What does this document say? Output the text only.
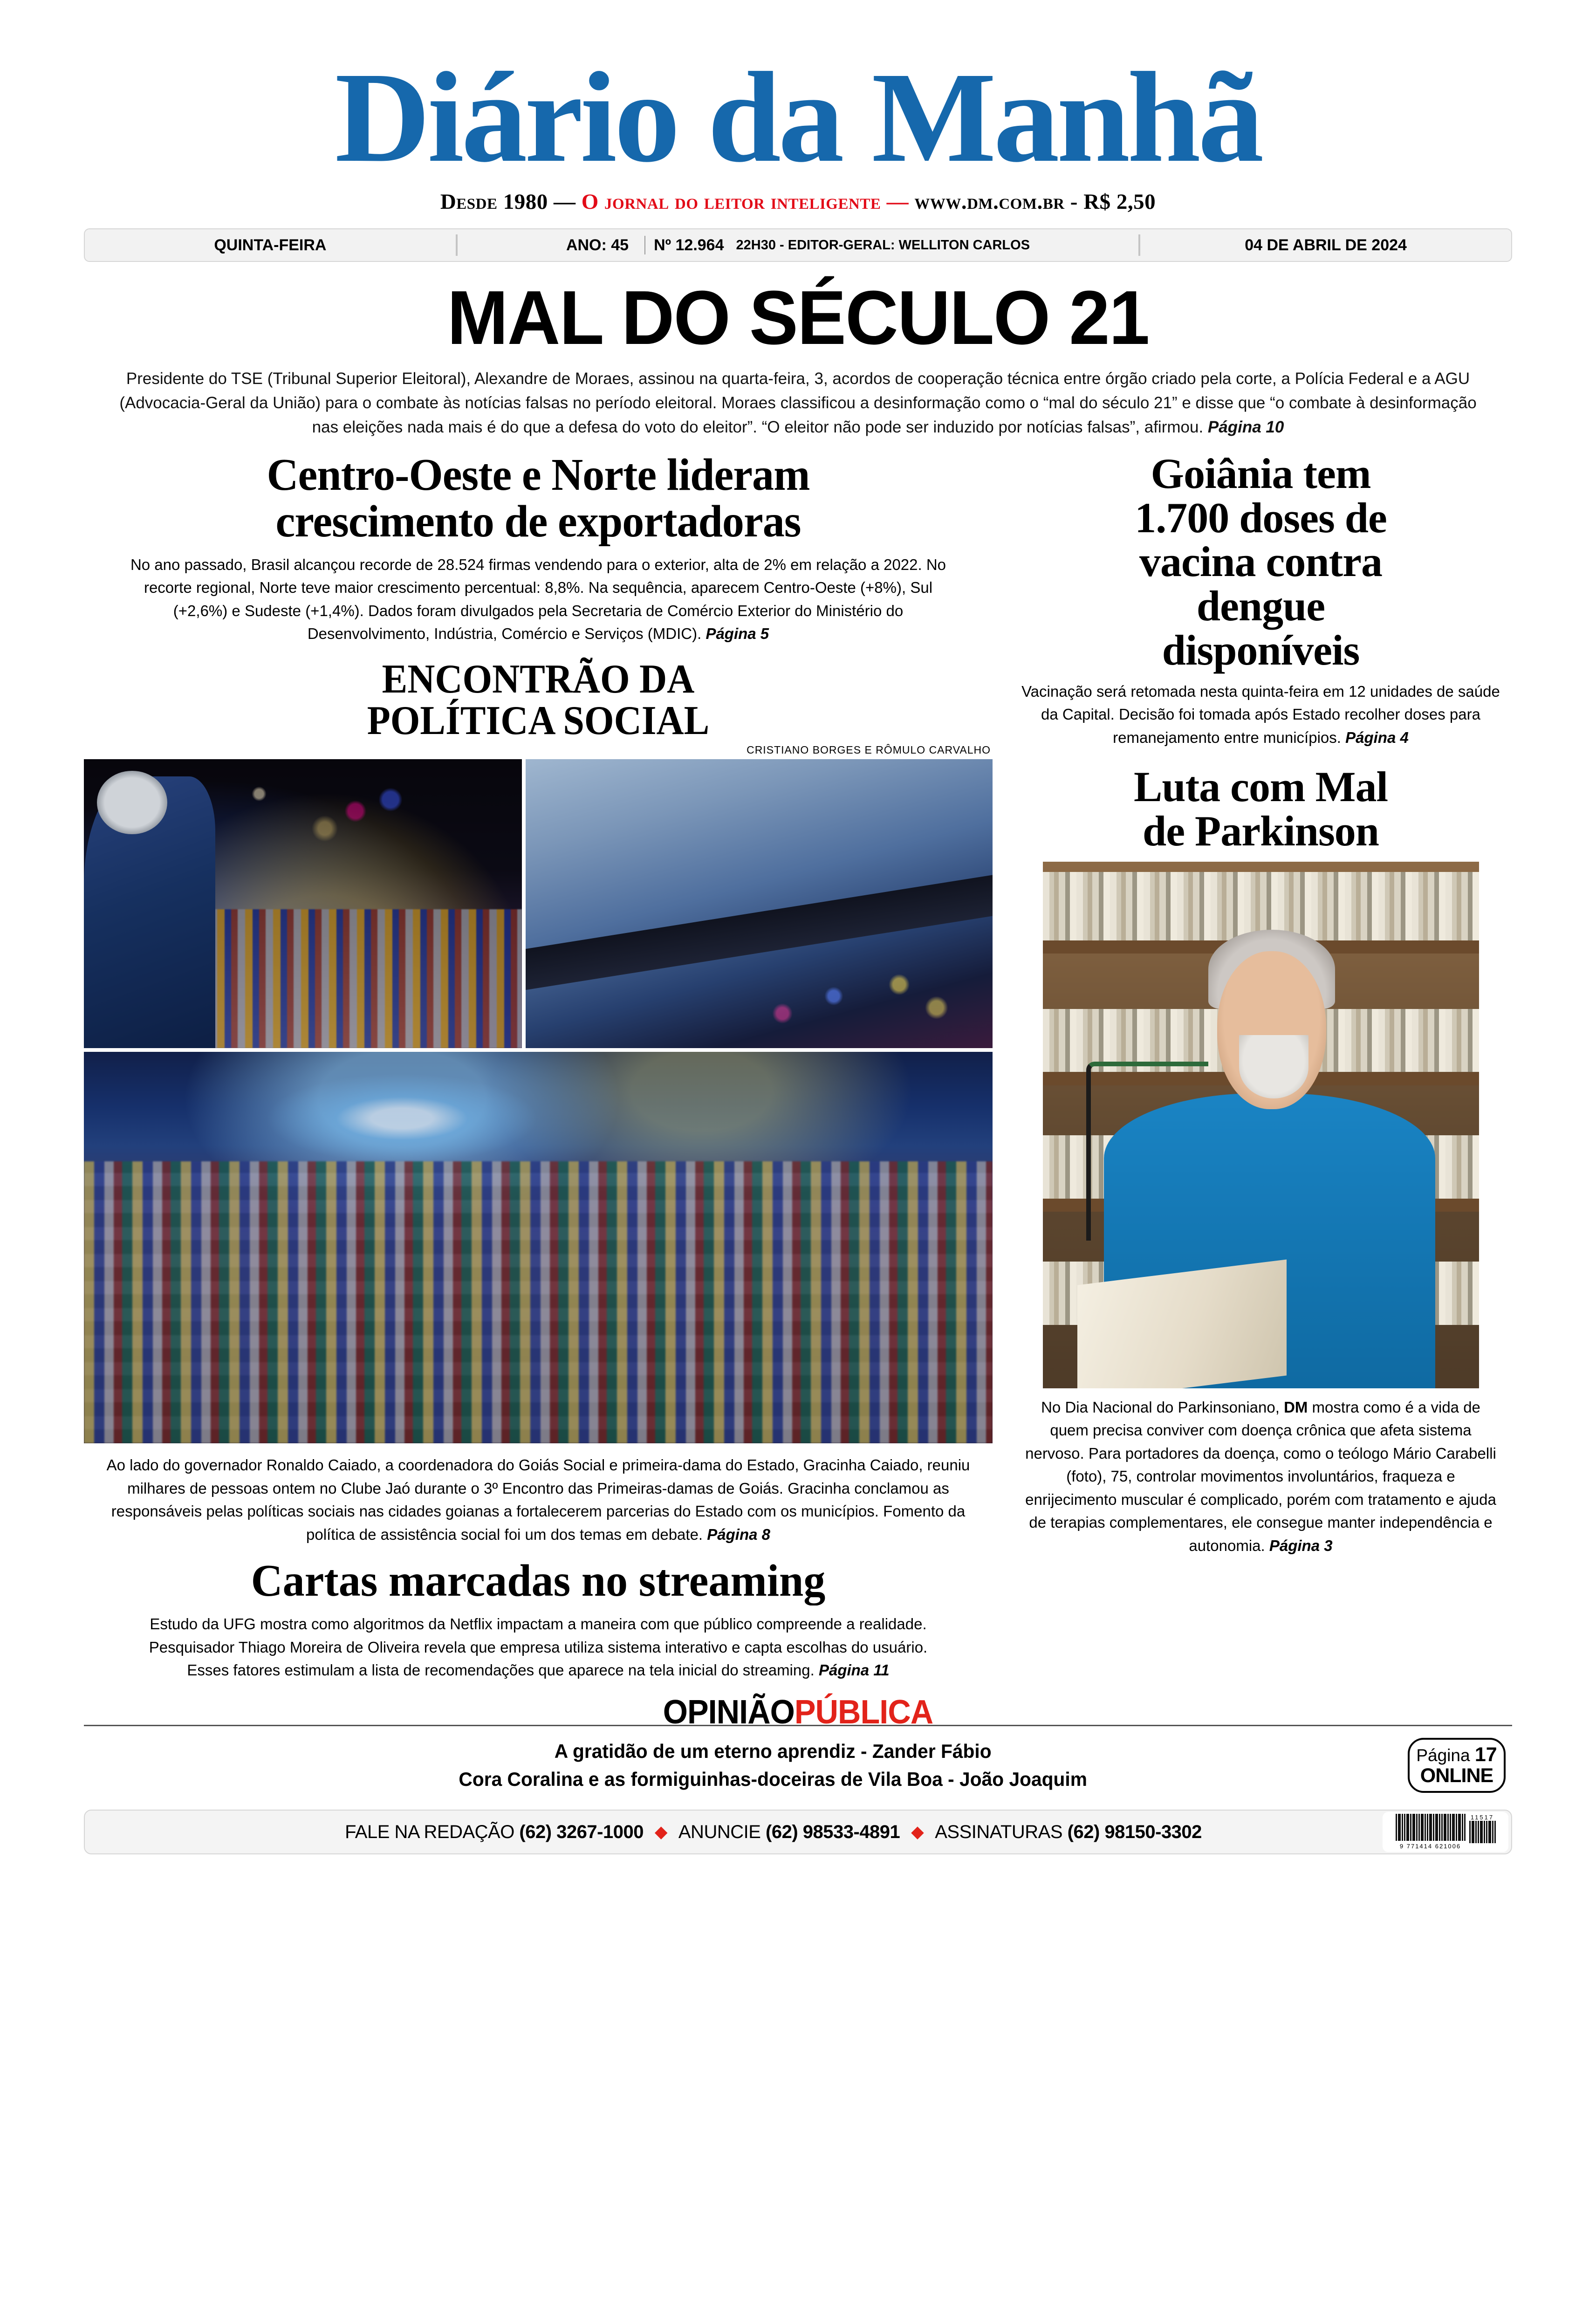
Diário da Manhã
Desde 1980 — O jornal do leitor inteligente — www.dm.com.br - R$ 2,50
QUINTA-FEIRA	ANO: 45 Nº 12.964 22H30 - EDITOR-GERAL: WELLITON CARLOS	04 DE ABRIL DE 2024
MAL DO SÉCULO 21
Presidente do TSE (Tribunal Superior Eleitoral), Alexandre de Moraes, assinou na quarta-feira, 3, acordos de cooperação técnica entre órgão criado pela corte, a Polícia Federal e a AGU (Advocacia-Geral da União) para o combate às notícias falsas no período eleitoral. Moraes classificou a desinformação como o “mal do século 21” e disse que “o combate à desinformação nas eleições nada mais é do que a defesa do voto do eleitor”. “O eleitor não pode ser induzido por notícias falsas”, afirmou. Página 10
Centro-Oeste e Norte lideram
crescimento de exportadoras
No ano passado, Brasil alcançou recorde de 28.524 firmas vendendo para o exterior, alta de 2% em relação a 2022. No recorte regional, Norte teve maior crescimento percentual: 8,8%. Na sequência, aparecem Centro-Oeste (+8%), Sul (+2,6%) e Sudeste (+1,4%). Dados foram divulgados pela Secretaria de Comércio Exterior do Ministério do Desenvolvimento, Indústria, Comércio e Serviços (MDIC). Página 5
ENCONTRÃO DA
POLÍTICA SOCIAL
CRISTIANO BORGES E RÔMULO CARVALHO
Ao lado do governador Ronaldo Caiado, a coordenadora do Goiás Social e primeira-dama do Estado, Gracinha Caiado, reuniu milhares de pessoas ontem no Clube Jaó durante o 3º Encontro das Primeiras-damas de Goiás. Gracinha conclamou as responsáveis pelas políticas sociais nas cidades goianas a fortalecerem parcerias do Estado com os municípios. Fomento da política de assistência social foi um dos temas em debate. Página 8
Cartas marcadas no streaming
Estudo da UFG mostra como algoritmos da Netflix impactam a maneira com que público compreende a realidade. Pesquisador Thiago Moreira de Oliveira revela que empresa utiliza sistema interativo e capta escolhas do usuário. Esses fatores estimulam a lista de recomendações que aparece na tela inicial do streaming. Página 11
Goiânia tem
1.700 doses de
vacina contra
dengue
disponíveis
Vacinação será retomada nesta quinta-feira em 12 unidades de saúde da Capital. Decisão foi tomada após Estado recolher doses para remanejamento entre municípios. Página 4
Luta com Mal
de Parkinson
No Dia Nacional do Parkinsoniano, DM mostra como é a vida de quem precisa conviver com doença crônica que afeta sistema nervoso. Para portadores da doença, como o teólogo Mário Carabelli (foto), 75, controlar movimentos involuntários, fraqueza e enrijecimento muscular é complicado, porém com tratamento e ajuda de terapias complementares, ele consegue manter independência e autonomia. Página 3
OPINIÃOPÚBLICA
A gratidão de um eterno aprendiz - Zander Fábio
Cora Coralina e as formiguinhas-doceiras de Vila Boa - João Joaquim
Página 17
ONLINE
FALE NA REDAÇÃO (62) 3267-1000 ◆ ANUNCIE (62) 98533-4891 ◆ ASSINATURAS (62) 98150-3302
9 771414 621006
11517
